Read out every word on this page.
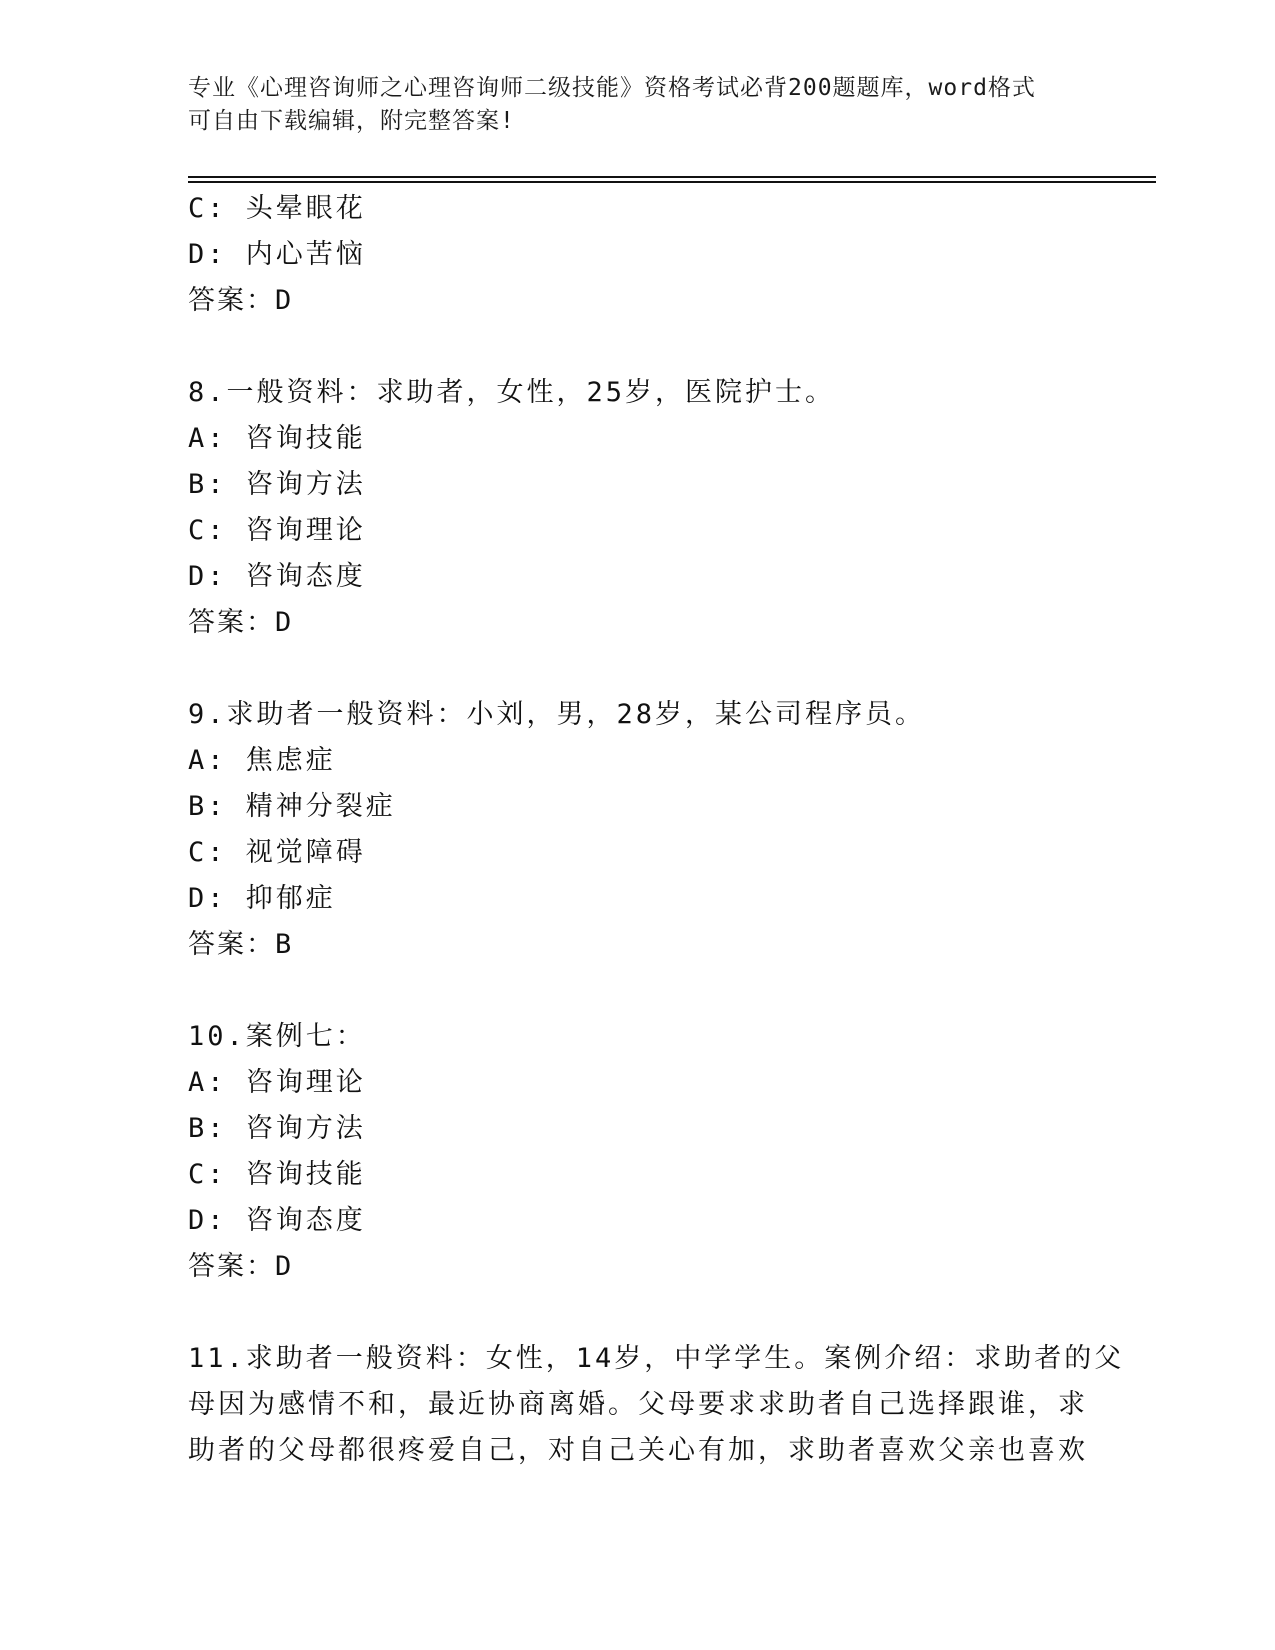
专业《心理咨询师之心理咨询师二级技能》资格考试必背200题题库，word格式
可自由下载编辑，附完整答案!
C: 头晕眼花
D: 内心苦恼
答案：D
8.一般资料：求助者，女性，25岁，医院护士。
A: 咨询技能
B: 咨询方法
C: 咨询理论
D: 咨询态度
答案：D
9.求助者一般资料：小刘，男，28岁，某公司程序员。
A: 焦虑症
B: 精神分裂症
C: 视觉障碍
D: 抑郁症
答案：B
10.案例七：
A: 咨询理论
B: 咨询方法
C: 咨询技能
D: 咨询态度
答案：D
11.求助者一般资料：女性，14岁，中学学生。案例介绍：求助者的父
母因为感情不和，最近协商离婚。父母要求求助者自己选择跟谁，求
助者的父母都很疼爱自己，对自己关心有加，求助者喜欢父亲也喜欢
